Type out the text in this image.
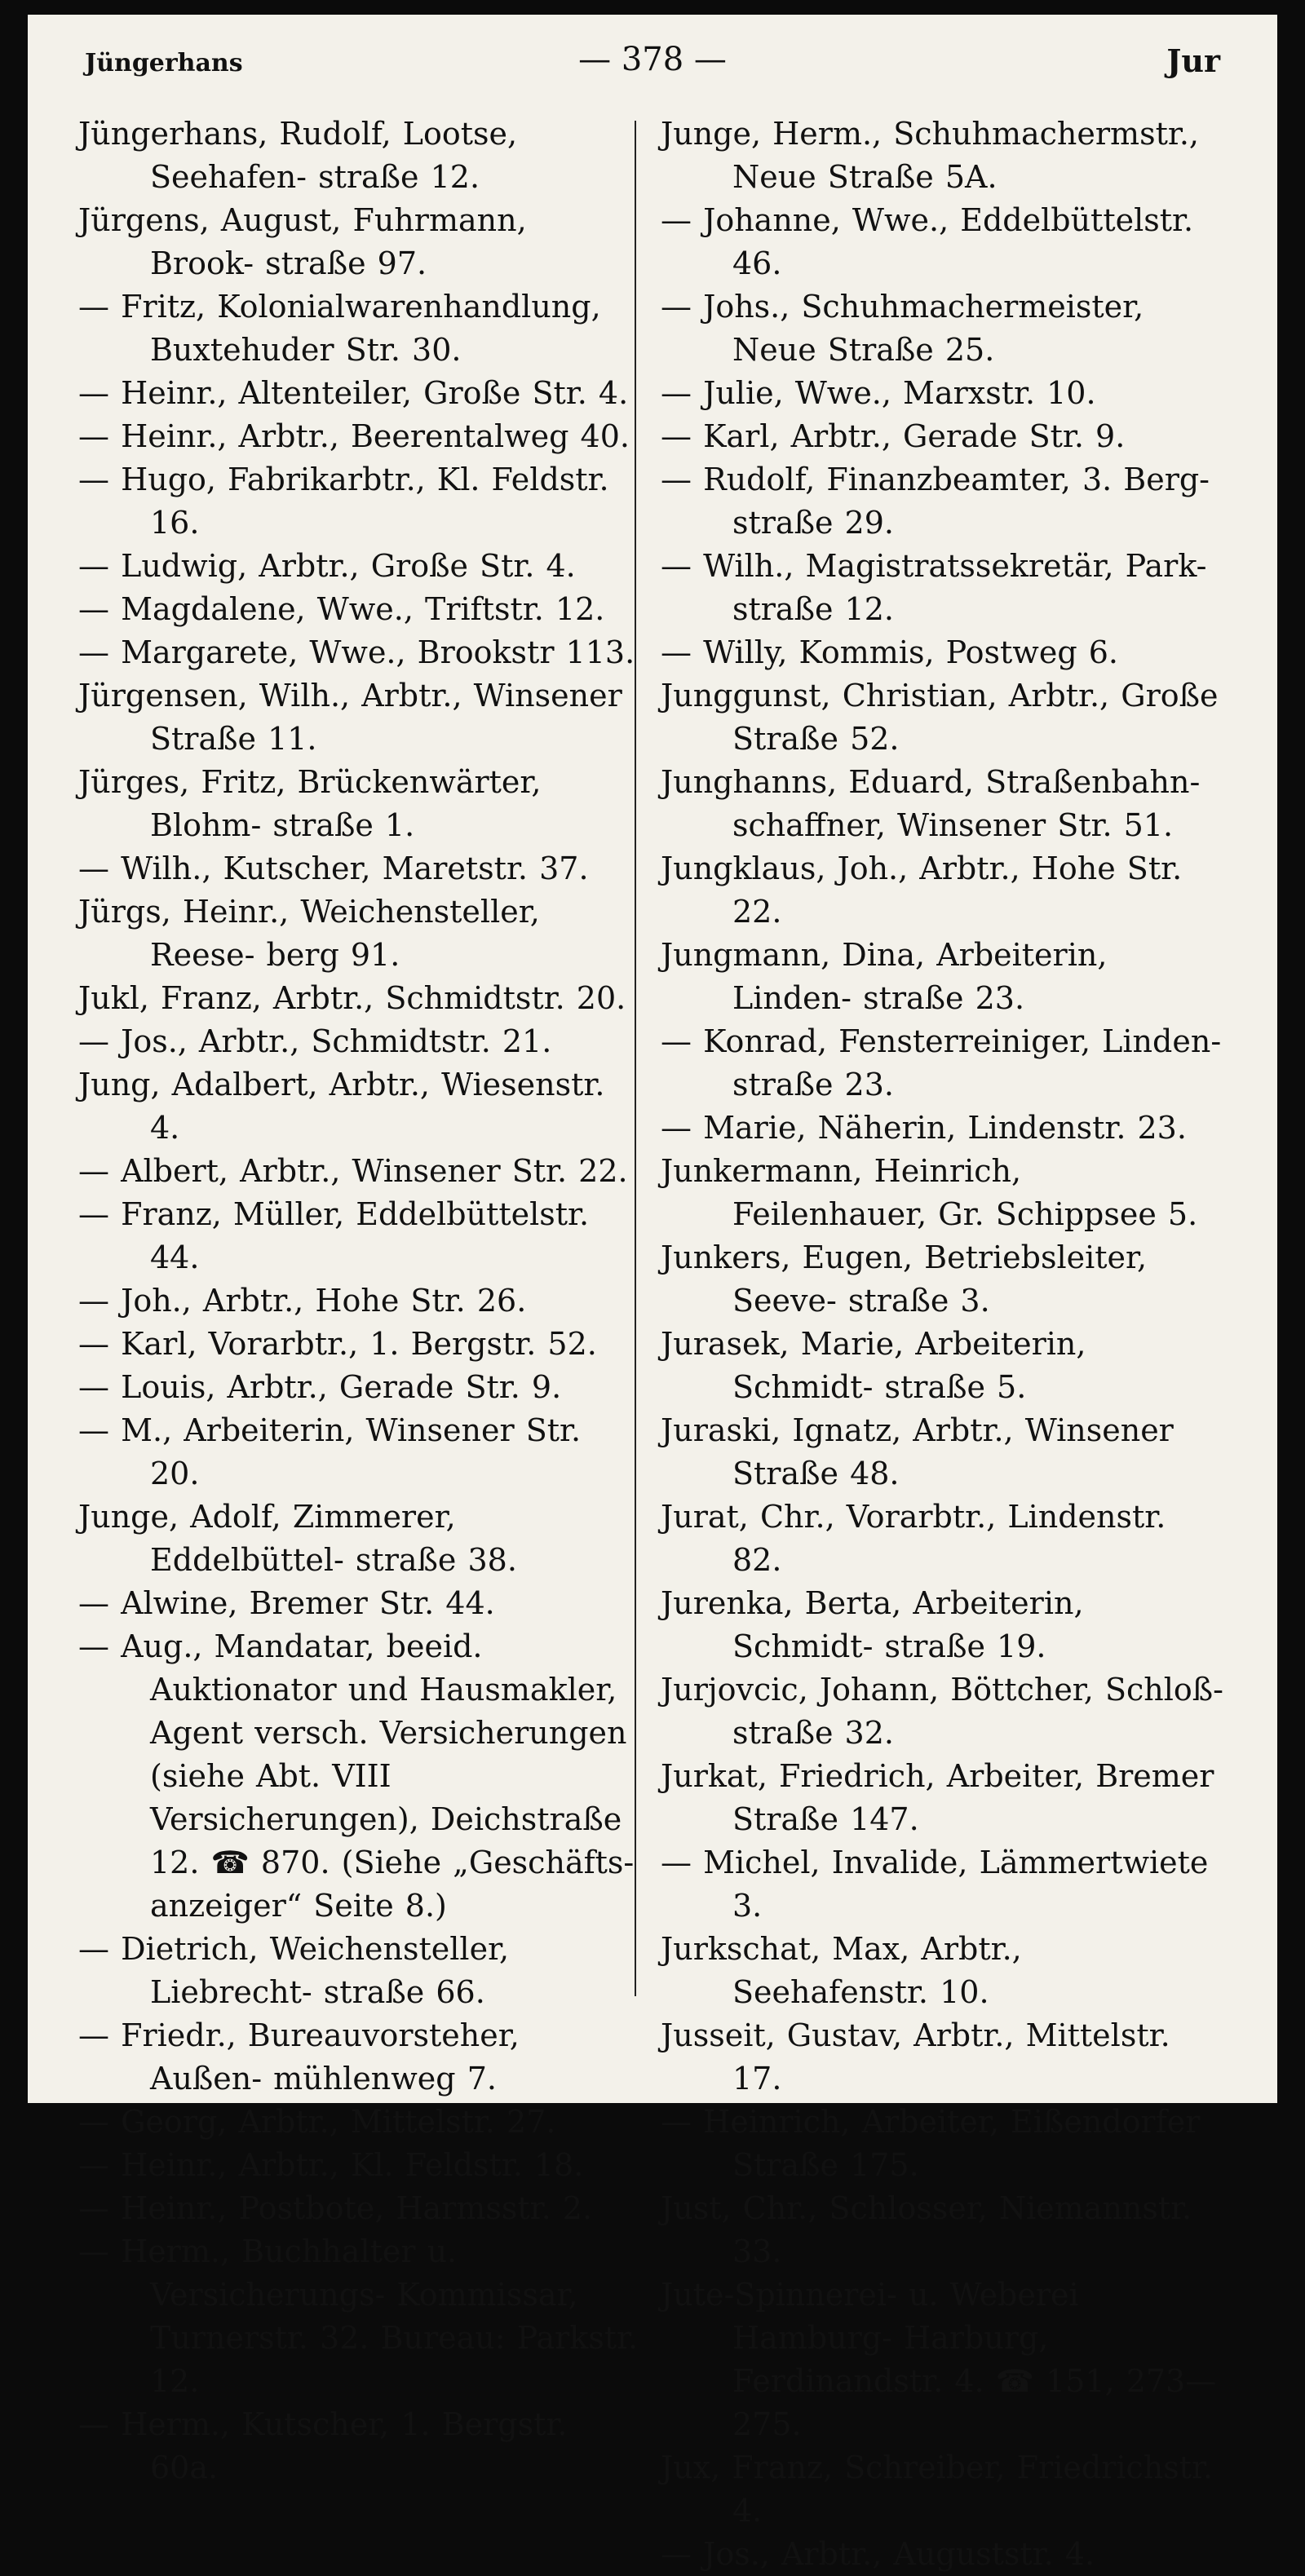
Jüngerhans	— 378 —	Jur
Jüngerhans, Rudolf, Lootse, Seehafen- straße 12.
Jürgens, August, Fuhrmann, Brook- straße 97.
— Fritz, Kolonialwarenhandlung, Buxtehuder Str. 30.
— Heinr., Altenteiler, Große Str. 4.
— Heinr., Arbtr., Beerentalweg 40.
— Hugo, Fabrikarbtr., Kl. Feldstr. 16.
— Ludwig, Arbtr., Große Str. 4.
— Magdalene, Wwe., Triftstr. 12.
— Margarete, Wwe., Brookstr 113.
Jürgensen, Wilh., Arbtr., Winsener Straße 11.
Jürges, Fritz, Brückenwärter, Blohm- straße 1.
— Wilh., Kutscher, Maretstr. 37.
Jürgs, Heinr., Weichensteller, Reese- berg 91.
Jukl, Franz, Arbtr., Schmidtstr. 20.
— Jos., Arbtr., Schmidtstr. 21.
Jung, Adalbert, Arbtr., Wiesenstr. 4.
— Albert, Arbtr., Winsener Str. 22.
— Franz, Müller, Eddelbüttelstr. 44.
— Joh., Arbtr., Hohe Str. 26.
— Karl, Vorarbtr., 1. Bergstr. 52.
— Louis, Arbtr., Gerade Str. 9.
— M., Arbeiterin, Winsener Str. 20.
Junge, Adolf, Zimmerer, Eddelbüttel- straße 38.
— Alwine, Bremer Str. 44.
— Aug., Mandatar, beeid. Auktionator und Hausmakler, Agent versch. Versicherungen (siehe Abt. VIII Versicherungen), Deichstraße 12. ☎ 870. (Siehe „Geschäfts- anzeiger“ Seite 8.)
— Dietrich, Weichensteller, Liebrecht- straße 66.
— Friedr., Bureauvorsteher, Außen- mühlenweg 7.
— Georg, Arbtr., Mittelstr. 27.
— Heinr., Arbtr., Kl. Feldstr. 18.
— Heinr., Postbote, Harmsstr. 2.
— Herm., Buchhalter u. Versicherungs- Kommissar, Turnerstr. 32. Bureau: Parkstr. 12.
— Herm., Kutscher, 1. Bergstr. 60a.
Junge, Herm., Schuhmachermstr., Neue Straße 5A.
— Johanne, Wwe., Eddelbüttelstr. 46.
— Johs., Schuhmachermeister, Neue Straße 25.
— Julie, Wwe., Marxstr. 10.
— Karl, Arbtr., Gerade Str. 9.
— Rudolf, Finanzbeamter, 3. Berg- straße 29.
— Wilh., Magistratssekretär, Park- straße 12.
— Willy, Kommis, Postweg 6.
Junggunst, Christian, Arbtr., Große Straße 52.
Junghanns, Eduard, Straßenbahn- schaffner, Winsener Str. 51.
Jungklaus, Joh., Arbtr., Hohe Str. 22.
Jungmann, Dina, Arbeiterin, Linden- straße 23.
— Konrad, Fensterreiniger, Linden- straße 23.
— Marie, Näherin, Lindenstr. 23.
Junkermann, Heinrich, Feilenhauer, Gr. Schippsee 5.
Junkers, Eugen, Betriebsleiter, Seeve- straße 3.
Jurasek, Marie, Arbeiterin, Schmidt- straße 5.
Juraski, Ignatz, Arbtr., Winsener Straße 48.
Jurat, Chr., Vorarbtr., Lindenstr. 82.
Jurenka, Berta, Arbeiterin, Schmidt- straße 19.
Jurjovcic, Johann, Böttcher, Schloß- straße 32.
Jurkat, Friedrich, Arbeiter, Bremer Straße 147.
— Michel, Invalide, Lämmertwiete 3.
Jurkschat, Max, Arbtr., Seehafenstr. 10.
Jusseit, Gustav, Arbtr., Mittelstr. 17.
— Heinrich, Arbeiter, Eißendorfer Straße 175.
Just, Chr., Schlosser, Niemannstr. 33.
Jute-Spinnerei- u. Weberei Hamburg- Harburg, Ferdinandstr. 4. ☎ 151, 273—275.
Jux, Franz, Schreiber, Friedrichstr. 4.
— Jos., Arbtr., Auguststr. 4.
